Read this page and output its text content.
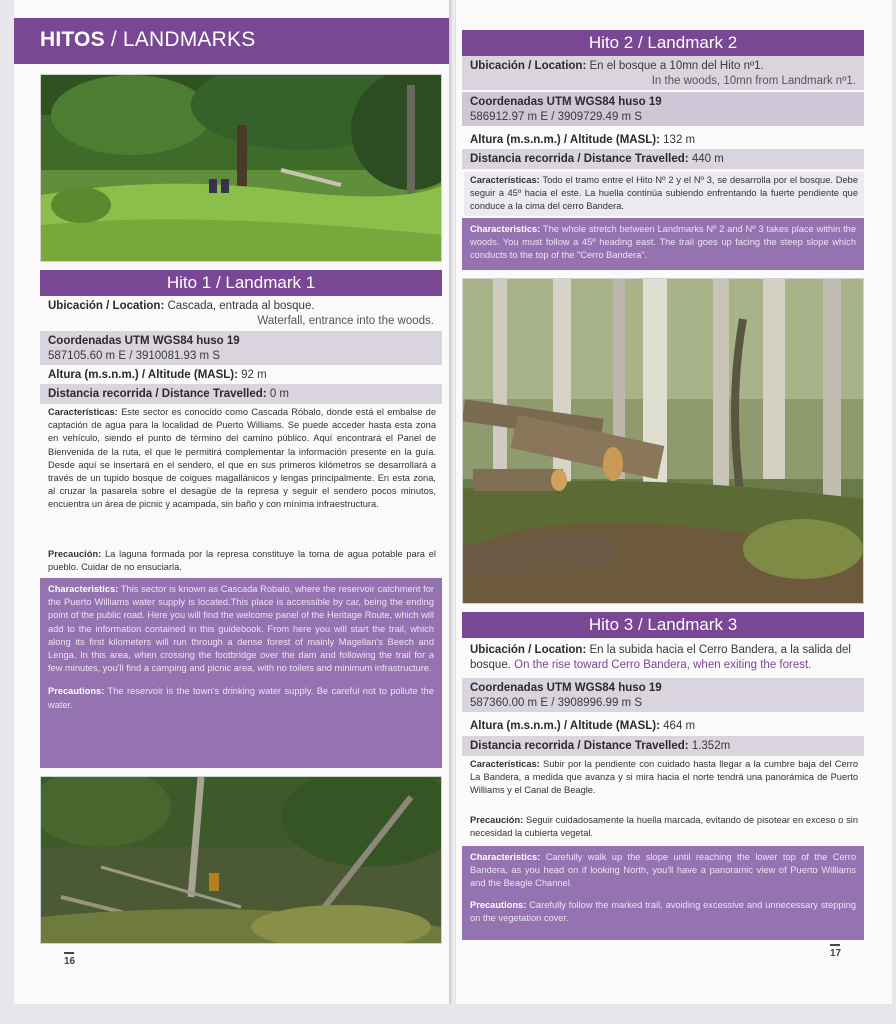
HITOS / LANDMARKS
Hito 1 / Landmark 1
Ubicación / Location: Cascada, entrada al bosque.
Waterfall, entrance into the woods.
Coordenadas UTM WGS84 huso 19
587105.60 m E / 3910081.93 m S
Altura (m.s.n.m.) / Altitude (MASL): 92 m
Distancia recorrida / Distance Travelled: 0 m
Características: Este sector es conocido como Cascada Róbalo, donde está el embalse de captación de agua para la localidad de Puerto Williams. Se puede acceder hasta esta zona en vehículo, siendo el punto de término del camino público. Aquí encontrará el Panel de Bienvenida de la ruta, el que le permitirá complementar la información presente en la guía. Desde aquí se insertará en el sendero, el que en sus primeros kilómetros se desarrollará a través de un tupido bosque de coigues magallánicos y lengas principalmente. En esta zona, al cruzar la pasarela sobre el desagüe de la represa y seguir el sendero pocos minutos, encuentra un área de picnic y acampada, sin baño y con mínima infraestructura.
Precaución: La laguna formada por la represa constituye la toma de agua potable para el pueblo. Cuidar de no ensuciarla.
Characteristics: This sector is known as Cascada Robalo, where the reservoir catchment for the Puerto Williams water supply is located.This place is accessible by car, being the ending point of the public road. Here you will find the welcome panel of the Heritage Route, which will add to the information contained in this guidebook. From here you will start the trail, which along its first kilometers will run through a dense forest of mainly Magellan's Beech and Lenga. In this area, when crossing the footbridge over the dam and following the trail for a few minutes, you'll find a camping and picnic area, with no toilets and minimum infrastructure.
Precautions: The reservoir is the town's drinking water supply. Be careful not to pollute the water.
16
Hito 2 / Landmark 2
Ubicación / Location: En el bosque a 10mn del Hito nº1.
In the woods, 10mn from Landmark nº1.
Coordenadas UTM WGS84 huso 19
586912.97 m E / 3909729.49 m S
Altura (m.s.n.m.) / Altitude (MASL): 132 m
Distancia recorrida / Distance Travelled: 440 m
Características: Todo el tramo entre el Hito Nº 2 y el Nº 3, se desarrolla por el bosque. Debe seguir a 45º hacia el este. La huella continúa subiendo enfrentando la fuerte pendiente que conduce a la cima del cerro Bandera.
Characteristics: The whole stretch between Landmarks Nº 2 and Nº 3 takes place within the woods. You must follow a 45º heading east. The trail goes up facing the steep slope which conducts to the top of the "Cerro Bandera".
Hito 3 / Landmark 3
Ubicación / Location: En la subida hacia el Cerro Bandera, a la salida del bosque. On the rise toward Cerro Bandera, when exiting the forest.
Coordenadas UTM WGS84 huso 19
587360.00 m E / 3908996.99 m S
Altura (m.s.n.m.) / Altitude (MASL): 464 m
Distancia recorrida / Distance Travelled: 1.352m
Características: Subir por la pendiente con cuidado hasta llegar a la cumbre baja del Cerro La Bandera, a medida que avanza y si mira hacia el norte tendrá una panorámica de Puerto Williams y el Canal de Beagle.
Precaución: Seguir cuidadosamente la huella marcada, evitando de pisotear en exceso o sin necesidad la cubierta vegetal.
Characteristics: Carefully walk up the slope until reaching the lower top of the Cerro Bandera, as you head on if looking North, you'll have a panoramic view of Puerto Williams and the Beagle Channel.
Precautions: Carefully follow the marked trail, avoiding excessive and unnecessary stepping on the vegetation cover.
17
